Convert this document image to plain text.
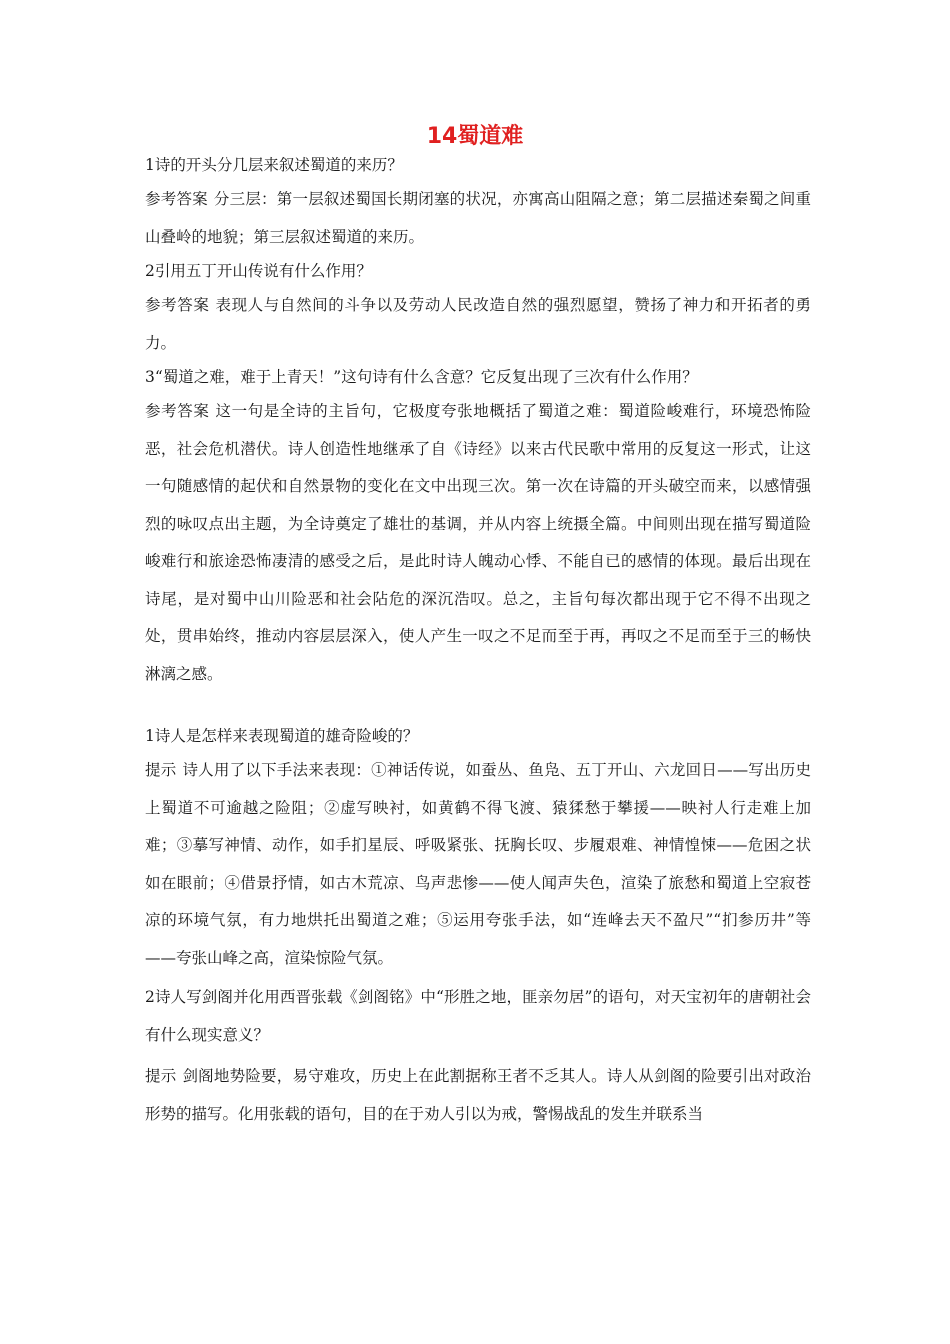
14蜀道难
1诗的开头分几层来叙述蜀道的来历？
参考答案 分三层：第一层叙述蜀国长期闭塞的状况，亦寓高山阻隔之意；第二层描述秦蜀之间重山叠岭的地貌；第三层叙述蜀道的来历。
2引用五丁开山传说有什么作用？
参考答案 表现人与自然间的斗争以及劳动人民改造自然的强烈愿望，赞扬了神力和开拓者的勇力。
3“蜀道之难，难于上青天！”这句诗有什么含意？它反复出现了三次有什么作用？
参考答案 这一句是全诗的主旨句，它极度夸张地概括了蜀道之难：蜀道险峻难行，环境恐怖险恶，社会危机潜伏。诗人创造性地继承了自《诗经》以来古代民歌中常用的反复这一形式，让这一句随感情的起伏和自然景物的变化在文中出现三次。第一次在诗篇的开头破空而来，以感情强烈的咏叹点出主题，为全诗奠定了雄壮的基调，并从内容上统摄全篇。中间则出现在描写蜀道险峻难行和旅途恐怖凄清的感受之后，是此时诗人魄动心悸、不能自已的感情的体现。最后出现在诗尾，是对蜀中山川险恶和社会阽危的深沉浩叹。总之，主旨句每次都出现于它不得不出现之处，贯串始终，推动内容层层深入，使人产生一叹之不足而至于再，再叹之不足而至于三的畅快淋漓之感。
1诗人是怎样来表现蜀道的雄奇险峻的？
提示 诗人用了以下手法来表现：①神话传说，如蚕丛、鱼凫、五丁开山、六龙回日——写出历史上蜀道不可逾越之险阻；②虚写映衬，如黄鹤不得飞渡、猿猱愁于攀援——映衬人行走难上加难；③摹写神情、动作，如手扪星辰、呼吸紧张、抚胸长叹、步履艰难、神情惶悚——危困之状如在眼前；④借景抒情，如古木荒凉、鸟声悲惨——使人闻声失色，渲染了旅愁和蜀道上空寂苍凉的环境气氛，有力地烘托出蜀道之难；⑤运用夸张手法，如“连峰去天不盈尺”“扪参历井”等——夸张山峰之高，渲染惊险气氛。
2诗人写剑阁并化用西晋张载《剑阁铭》中“形胜之地，匪亲勿居”的语句，对天宝初年的唐朝社会有什么现实意义？
提示 剑阁地势险要，易守难攻，历史上在此割据称王者不乏其人。诗人从剑阁的险要引出对政治形势的描写。化用张载的语句，目的在于劝人引以为戒，警惕战乱的发生并联系当
